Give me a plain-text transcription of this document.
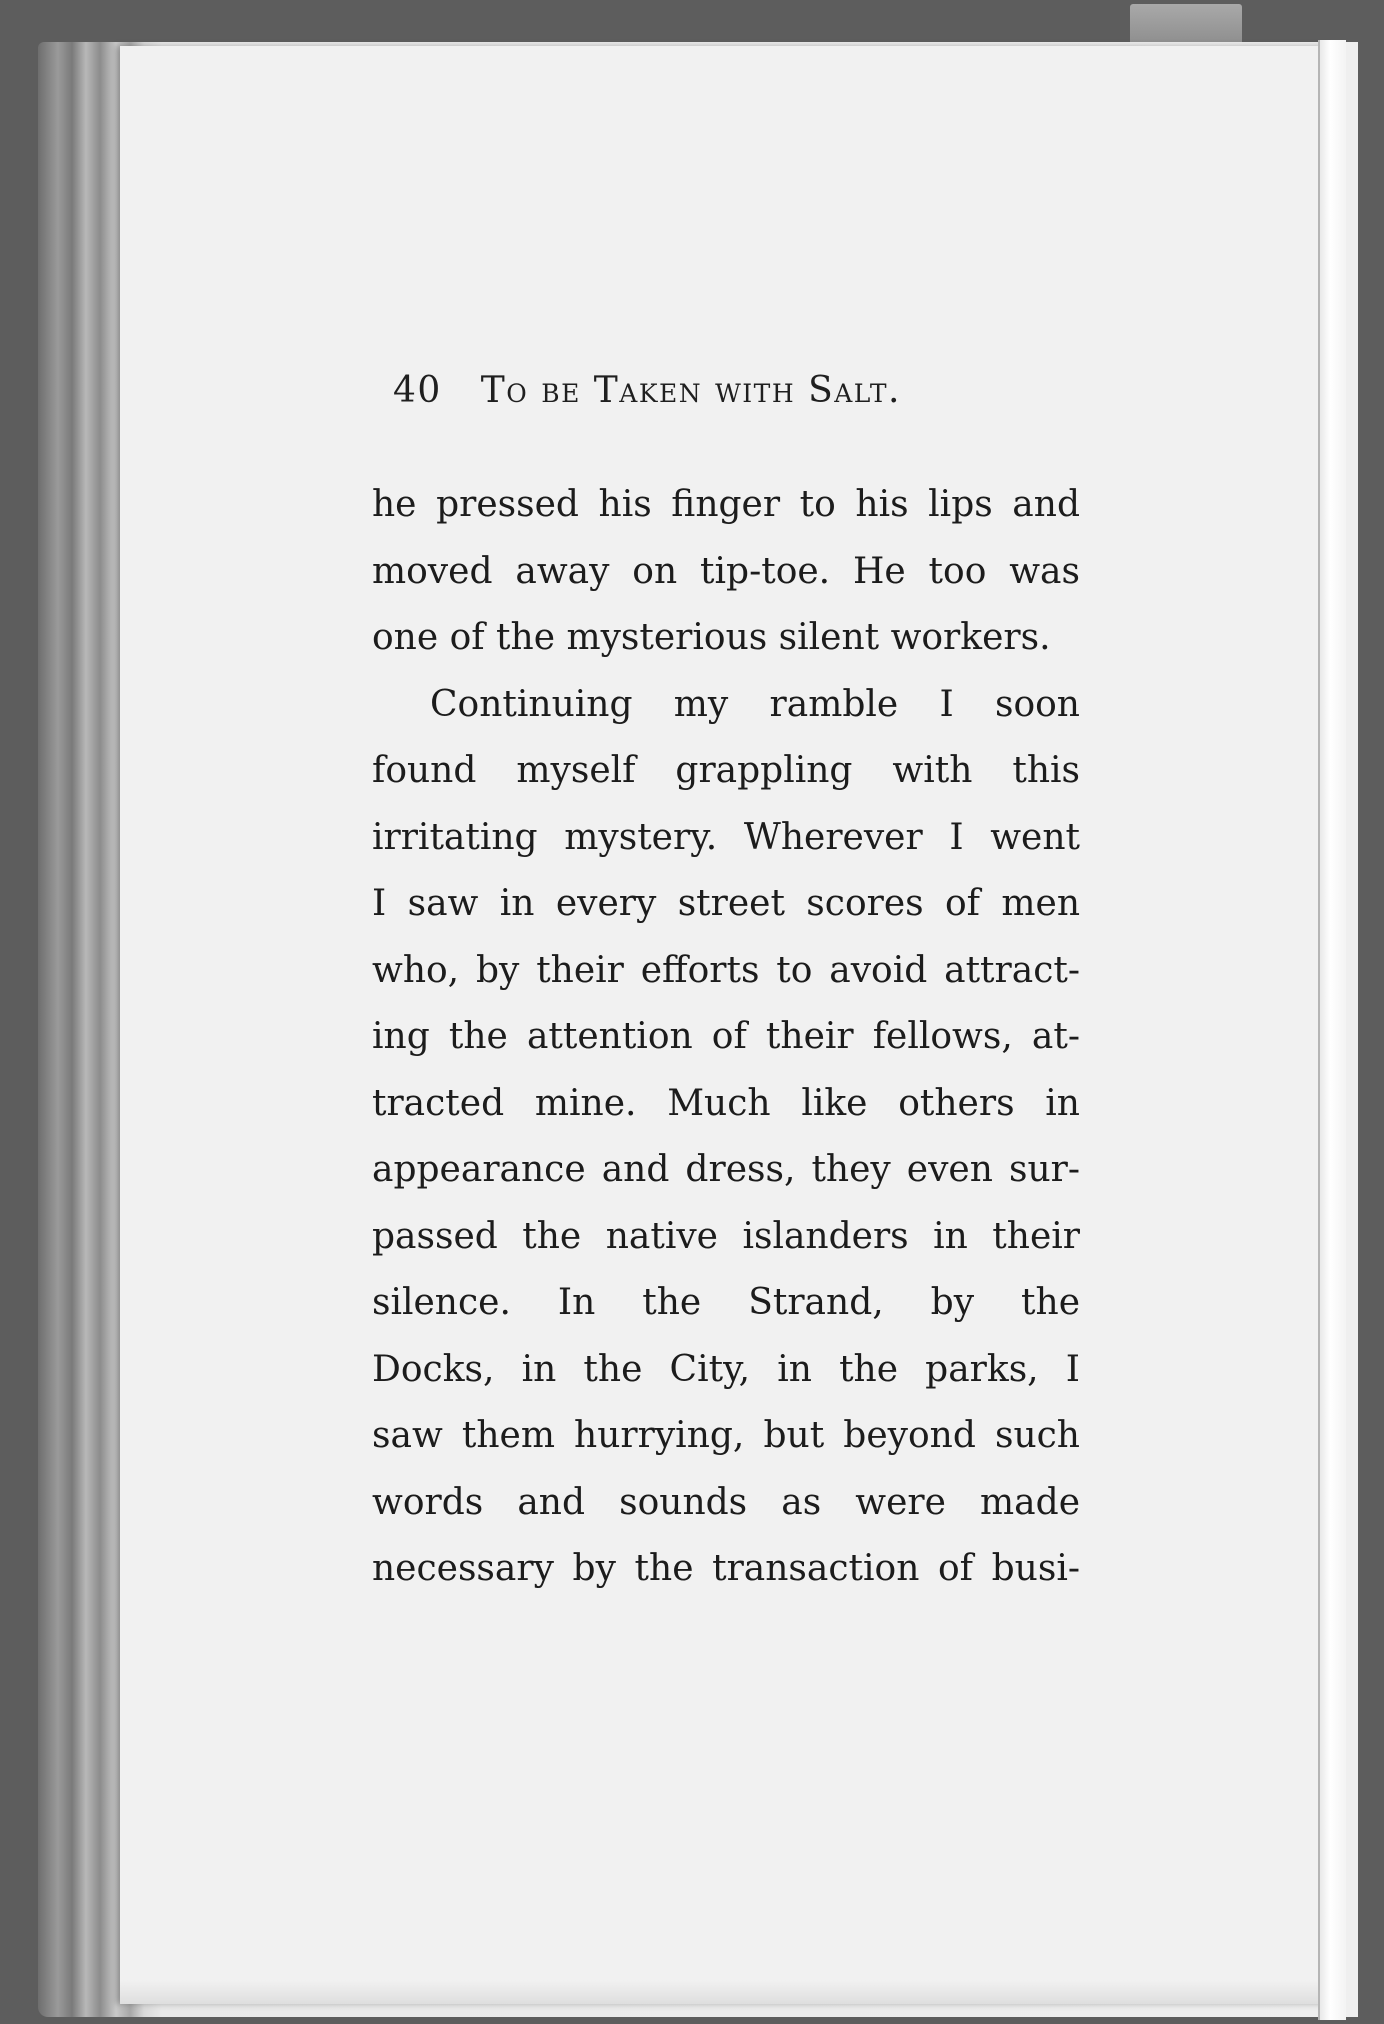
40 To be Taken with Salt.
he pressed his finger to his lips and
moved away on tip-toe. He too was
one of the mysterious silent workers.
Continuing my ramble I soon
found myself grappling with this
irritating mystery. Wherever I went
I saw in every street scores of men
who, by their efforts to avoid attract-
ing the attention of their fellows, at-
tracted mine. Much like others in
appearance and dress, they even sur-
passed the native islanders in their
silence. In the Strand, by the
Docks, in the City, in the parks, I
saw them hurrying, but beyond such
words and sounds as were made
necessary by the transaction of busi-
